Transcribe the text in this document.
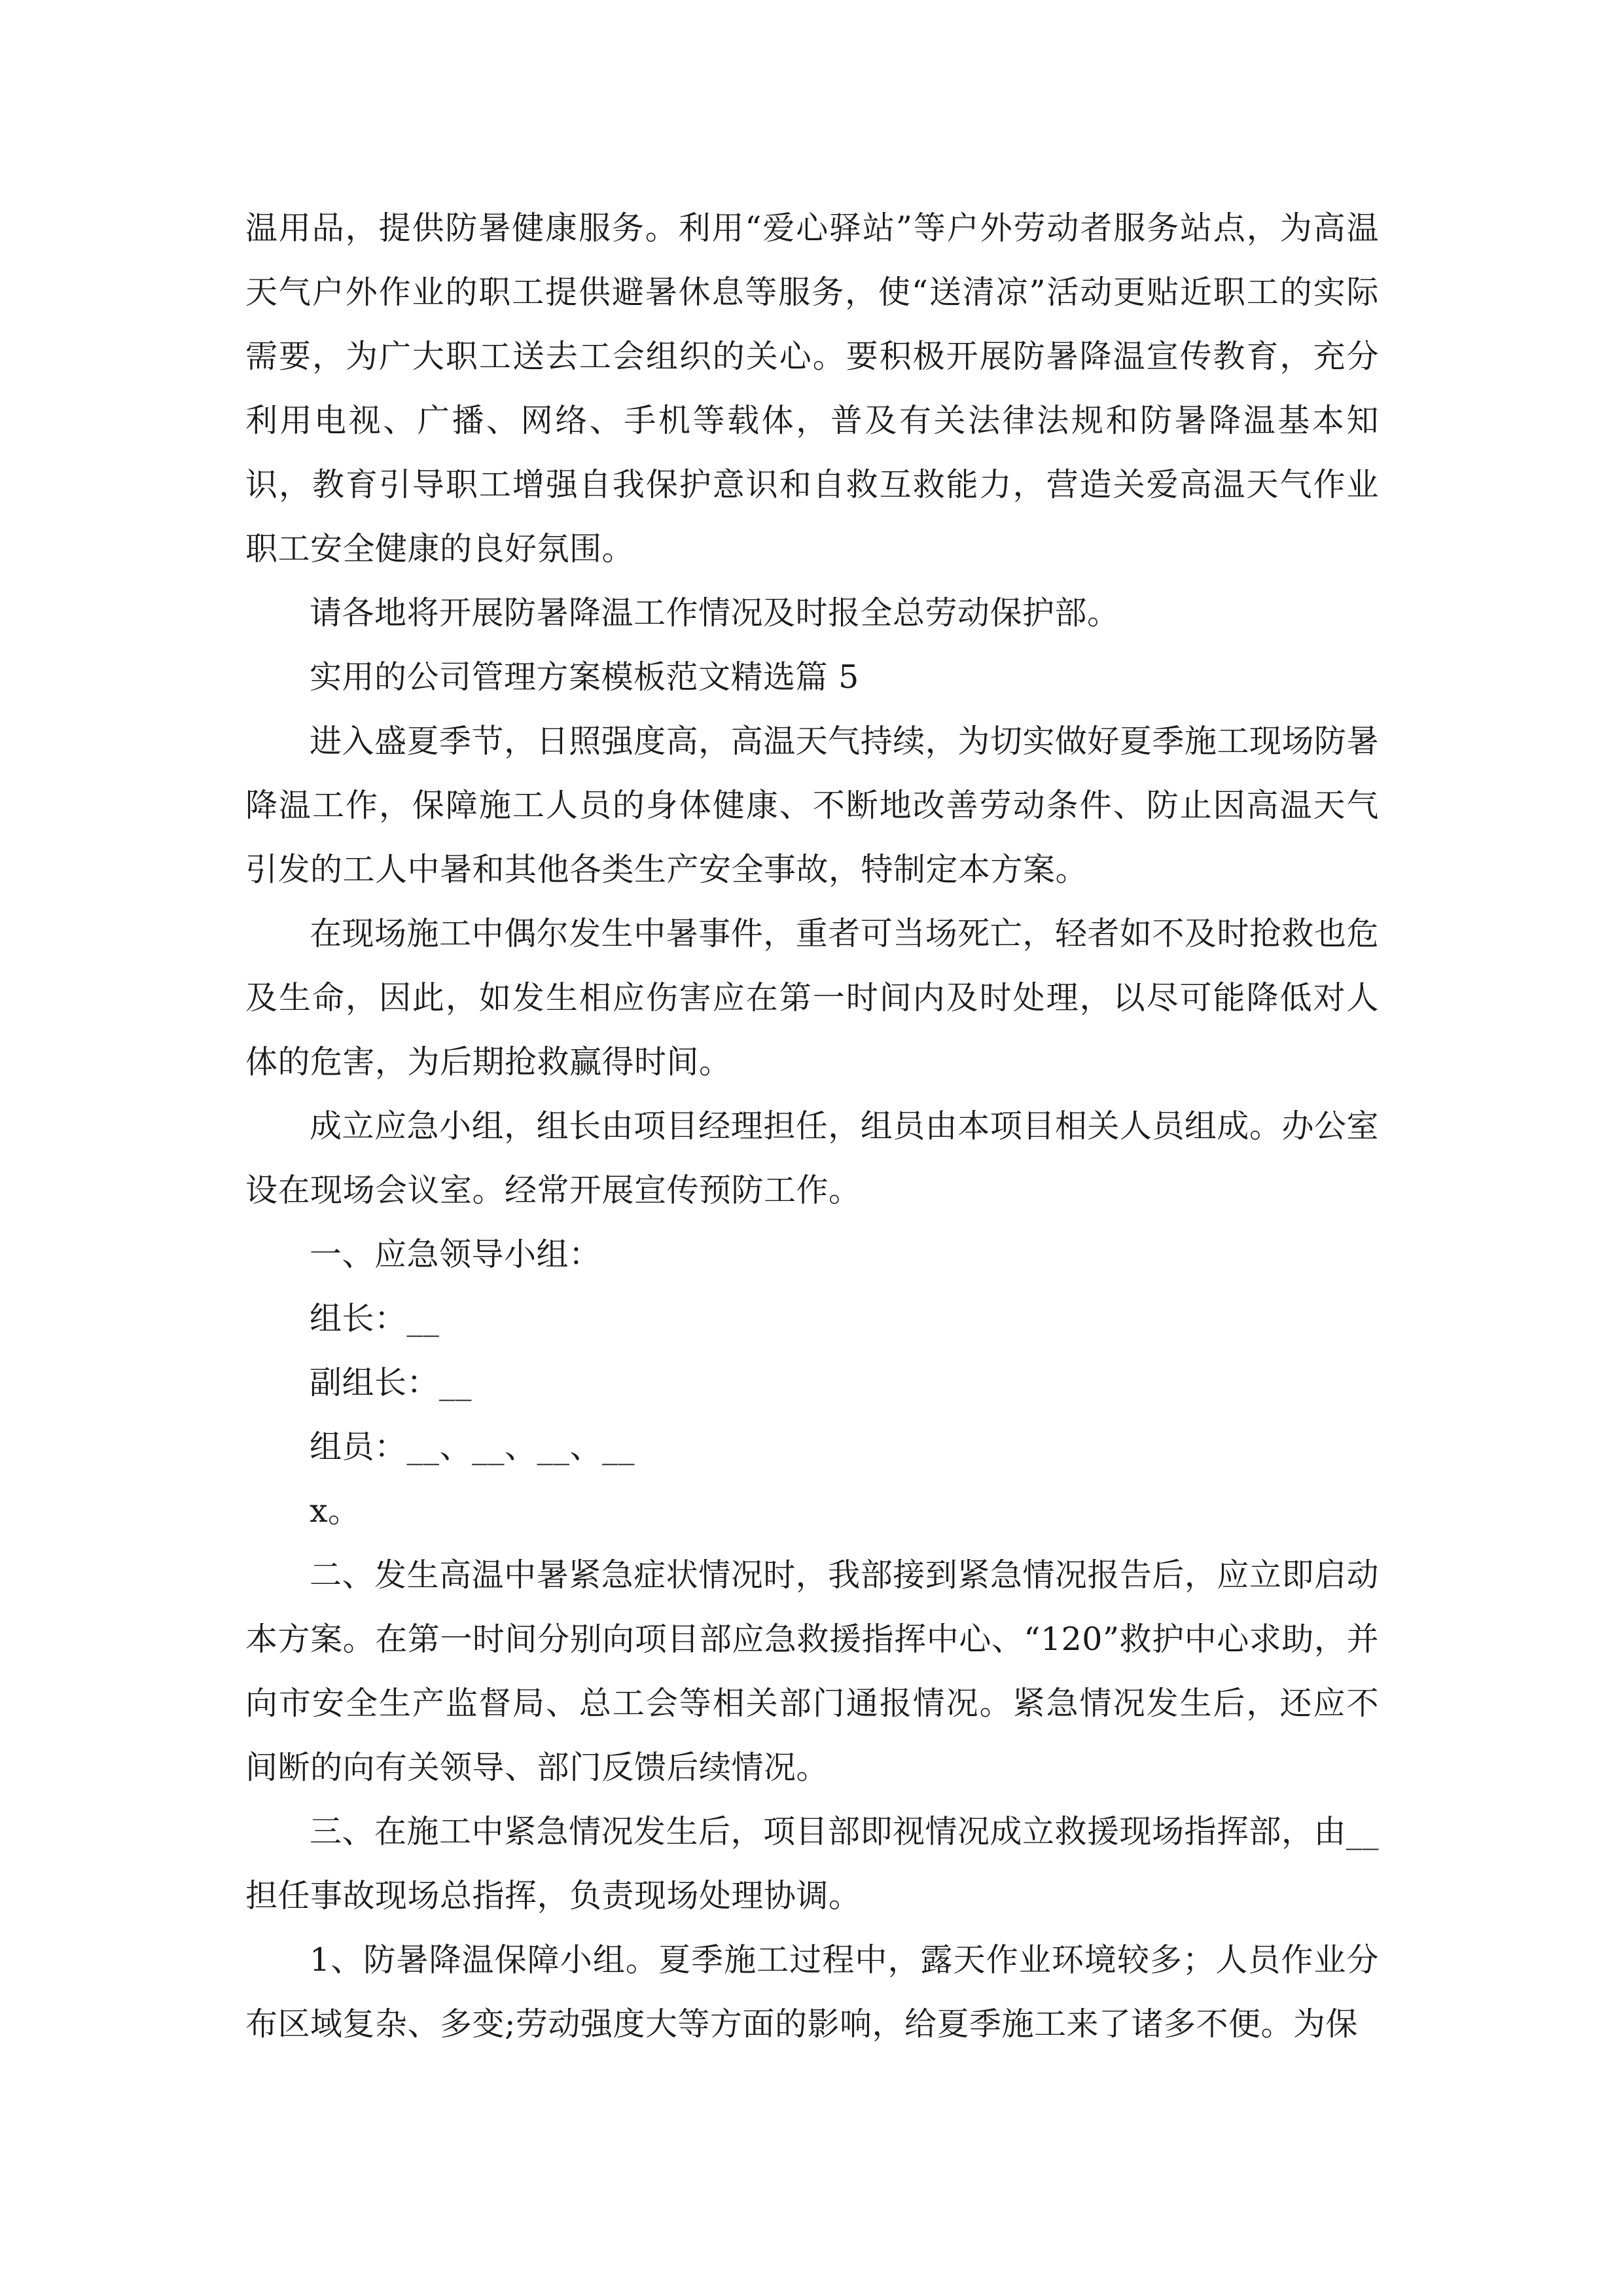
温用品，提供防暑健康服务。利用“爱心驿站”等户外劳动者服务站点，为高温天气户外作业的职工提供避暑休息等服务，使“送清凉”活动更贴近职工的实际需要，为广大职工送去工会组织的关心。要积极开展防暑降温宣传教育，充分利用电视、广播、网络、手机等载体，普及有关法律法规和防暑降温基本知识，教育引导职工增强自我保护意识和自救互救能力，营造关爱高温天气作业职工安全健康的良好氛围。

请各地将开展防暑降温工作情况及时报全总劳动保护部。

实用的公司管理方案模板范文精选篇 5

进入盛夏季节，日照强度高，高温天气持续，为切实做好夏季施工现场防暑降温工作，保障施工人员的身体健康、不断地改善劳动条件、防止因高温天气引发的工人中暑和其他各类生产安全事故，特制定本方案。

在现场施工中偶尔发生中暑事件，重者可当场死亡，轻者如不及时抢救也危及生命，因此，如发生相应伤害应在第一时间内及时处理，以尽可能降低对人体的危害，为后期抢救赢得时间。

成立应急小组，组长由项目经理担任，组员由本项目相关人员组成。办公室设在现场会议室。经常开展宣传预防工作。

一、应急领导小组：

组长：__

副组长：__

组员：__、__、__、__

x。

二、发生高温中暑紧急症状情况时，我部接到紧急情况报告后，应立即启动本方案。在第一时间分别向项目部应急救援指挥中心、“120”救护中心求助，并向市安全生产监督局、总工会等相关部门通报情况。紧急情况发生后，还应不间断的向有关领导、部门反馈后续情况。

三、在施工中紧急情况发生后，项目部即视情况成立救援现场指挥部，由__担任事故现场总指挥，负责现场处理协调。

1、防暑降温保障小组。夏季施工过程中，露天作业环境较多；人员作业分布区域复杂、多变;劳动强度大等方面的影响，给夏季施工来了诸多不便。为保
